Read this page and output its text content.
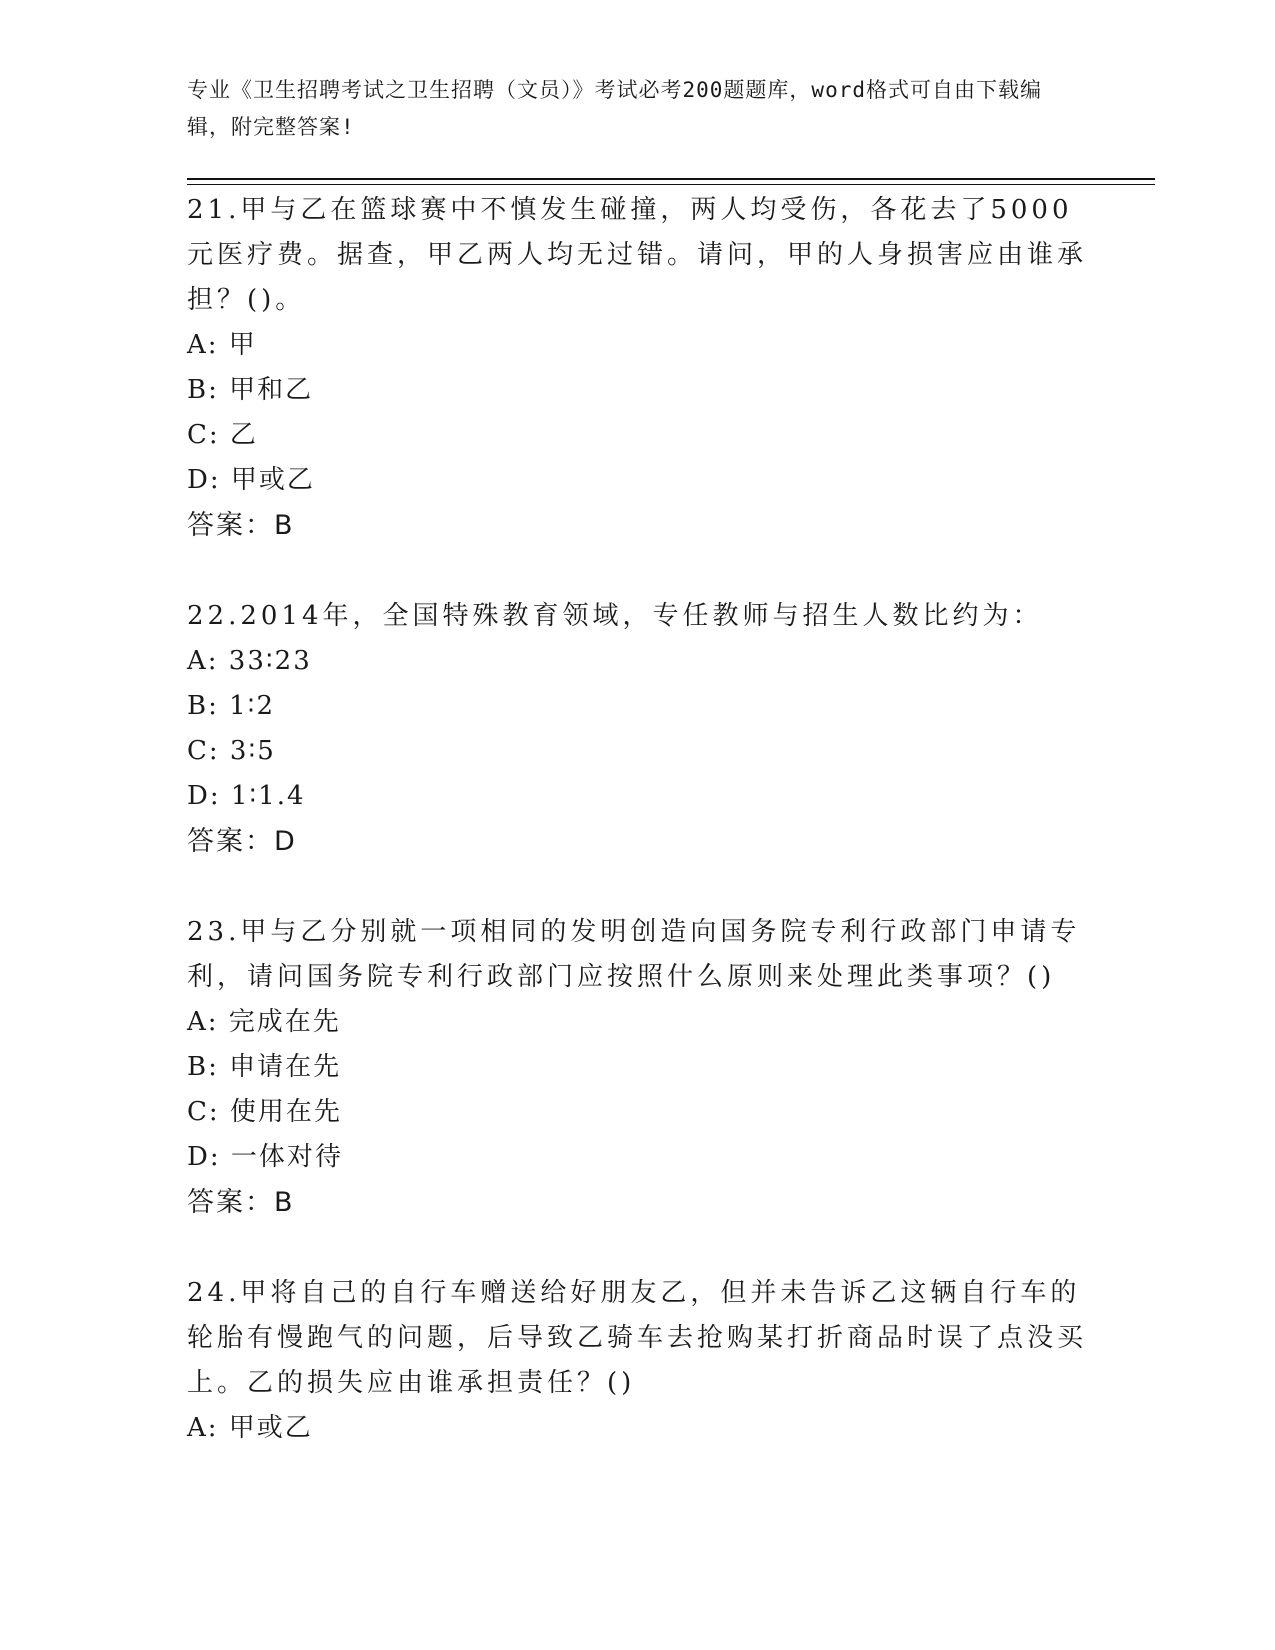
专业《卫生招聘考试之卫生招聘（文员）》考试必考200题题库，word格式可自由下载编辑，附完整答案!

21.甲与乙在篮球赛中不慎发生碰撞，两人均受伤，各花去了5000元医疗费。据查，甲乙两人均无过错。请问，甲的人身损害应由谁承担？()。

A: 甲

B: 甲和乙

C: 乙

D: 甲或乙

答案：B

22.2014年，全国特殊教育领域，专任教师与招生人数比约为：

A: 33∶23

B: 1∶2

C: 3∶5

D: 1∶1.4

答案：D

23.甲与乙分别就一项相同的发明创造向国务院专利行政部门申请专利，请问国务院专利行政部门应按照什么原则来处理此类事项？()

A: 完成在先

B: 申请在先

C: 使用在先

D: 一体对待

答案：B

24.甲将自己的自行车赠送给好朋友乙，但并未告诉乙这辆自行车的轮胎有慢跑气的问题，后导致乙骑车去抢购某打折商品时误了点没买上。乙的损失应由谁承担责任？()

A: 甲或乙
